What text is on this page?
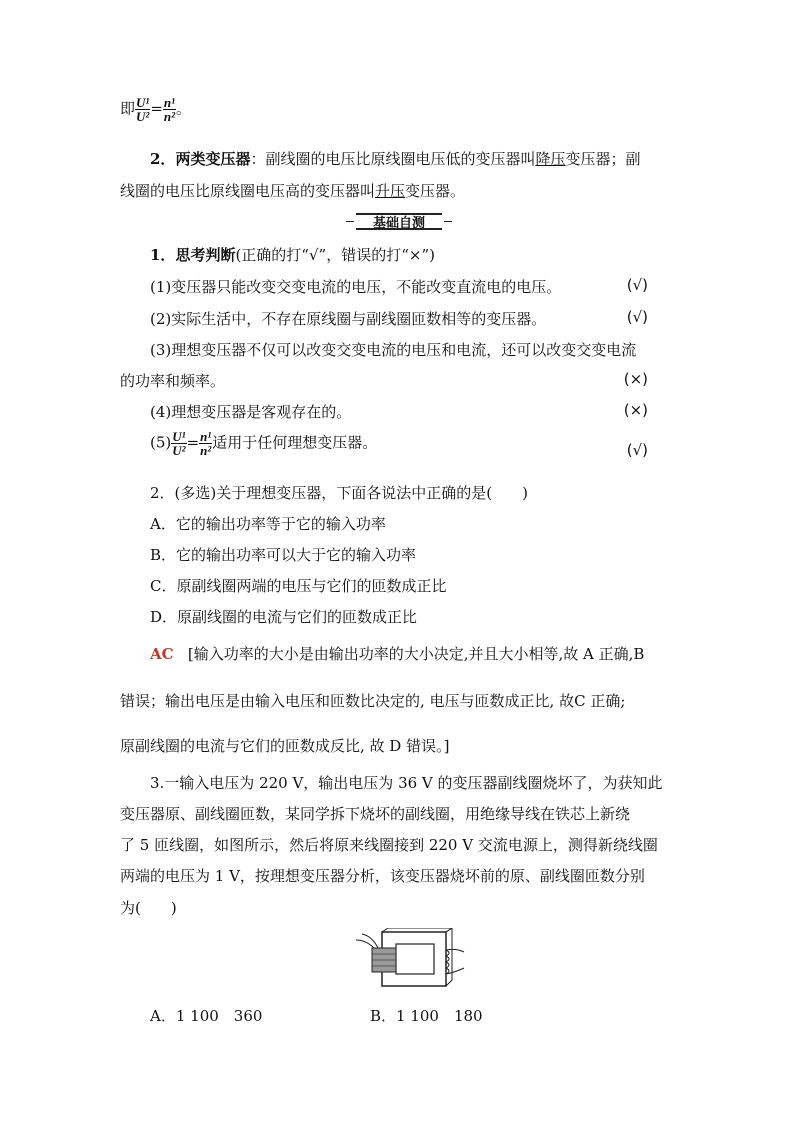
即 $\frac{\text{U¹}}{\text{U²}} = \frac{\text{n¹}}{\text{n²}}$ 。
2．两类变压器：副线圈的电压比原线圈电压低的变压器叫降压变压器；副
线圈的电压比原线圈电压高的变压器叫升压变压器。
基础自测
1．思考判断(正确的打“√”，错误的打“×”)
(1)变压器只能改变交变电流的电压，不能改变直流电的电压。	(√)
(2)实际生活中，不存在原线圈与副线圈匝数相等的变压器。	(√)
(3)理想变压器不仅可以改变交变电流的电压和电流，还可以改变交变电流
的功率和频率。	(×)
(4)理想变压器是客观存在的。	(×)
$(5) \frac{\text{U¹}}{\text{U²}} = \frac{\text{n¹}}{\text{n²}}$ 适用于任何理想变压器。	(√)
2．(多选)关于理想变压器，下面各说法中正确的是(　　)
A．它的输出功率等于它的输入功率
B．它的输出功率可以大于它的输入功率
C．原副线圈两端的电压与它们的匝数成正比
D．原副线圈的电流与它们的匝数成正比
AC [输入功率的大小是由输出功率的大小决定,并且大小相等,故 A 正确,B
错误；输出电压是由输入电压和匝数比决定的, 电压与匝数成正比, 故C 正确;
原副线圈的电流与它们的匝数成反比, 故 D 错误。]
3.一输入电压为 220 V，输出电压为 36 V 的变压器副线圈烧坏了，为获知此
变压器原、副线圈匝数，某同学拆下烧坏的副线圈，用绝缘导线在铁芯上新绕
了 5 匝线圈，如图所示，然后将原来线圈接到 220 V 交流电源上，测得新绕线圈
两端的电压为 1 V，按理想变压器分析，该变压器烧坏前的原、副线圈匝数分别
为(　　)
A．1 100　360	B．1 100　180
